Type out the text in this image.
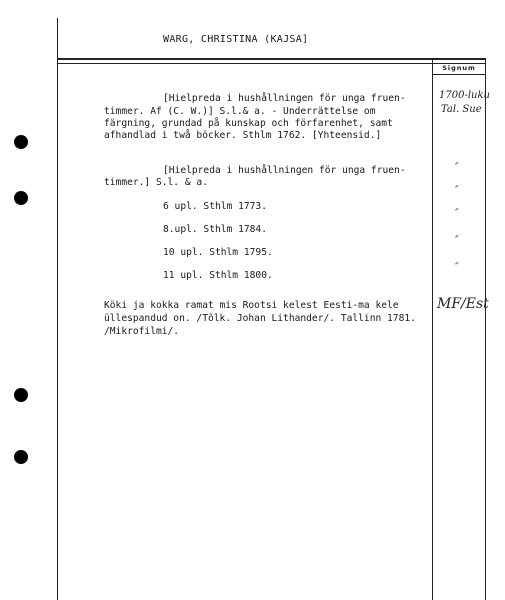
WARG, CHRISTINA (KAJSA]
Signum
[Hielpreda i hushållningen för unga fruen-
timmer. Af (C. W.)] S.l.& a. - Underrättelse om
färgning, grundad på kunskap och förfarenhet, samt
afhandlad i twå böcker. Sthlm 1762. [Yhteensid.]
[Hielpreda i hushållningen för unga fruen-
timmer.] S.l. & a.
6 upl. Sthlm 1773.
8.upl. Sthlm 1784.
10 upl. Sthlm 1795.
11 upl. Sthlm 1800.
Köki ja kokka ramat mis Rootsi kelest Eesti-ma kele
üllespandud on. /Tõlk. Johan Lithander/. Tallinn 1781.
/Mikrofilmi/.
1700-luku
Tal. Sue
″
″
″
″
″
MF/Est
